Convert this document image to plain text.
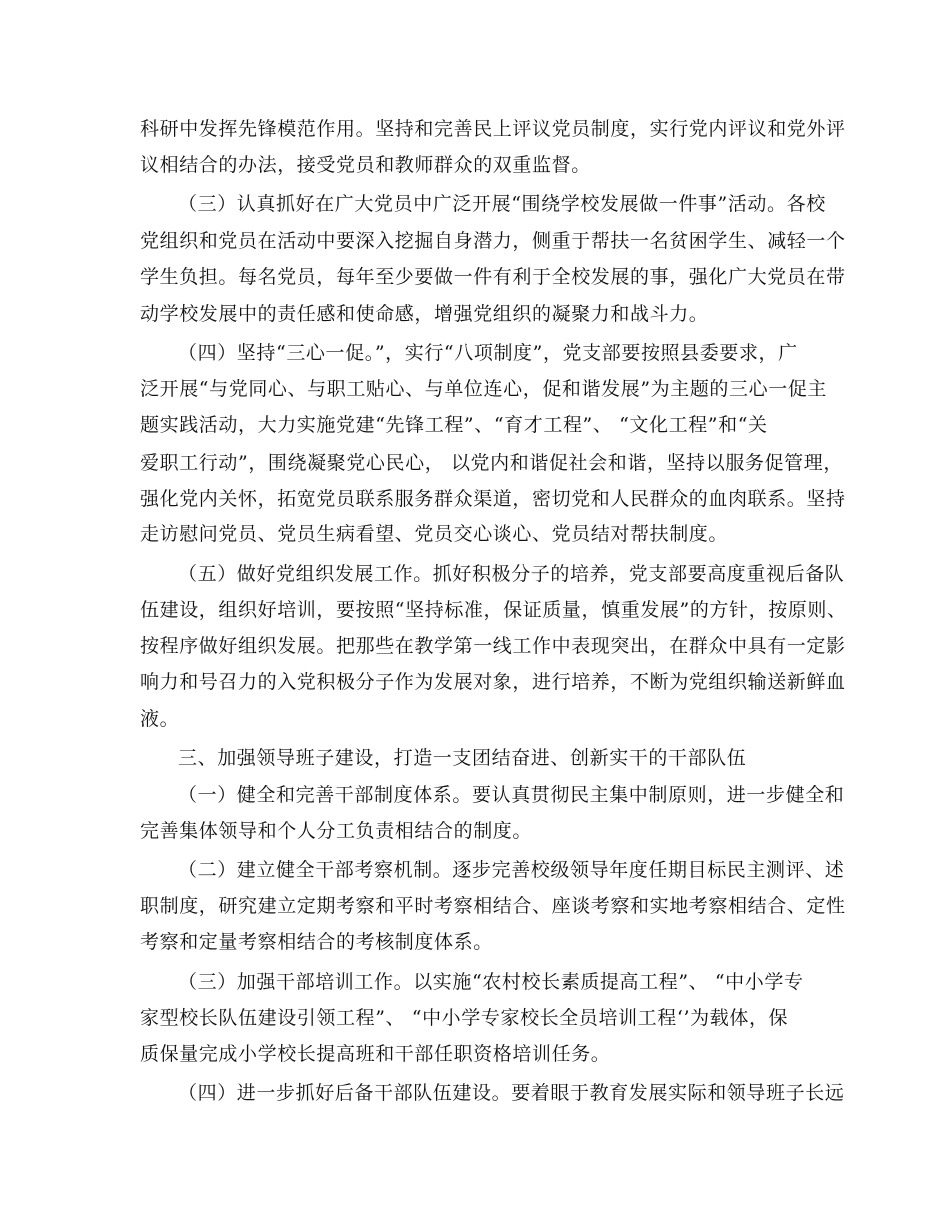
科研中发挥先锋模范作用。坚持和完善民上评议党员制度，实行党内评议和党外评
议相结合的办法，接受党员和教师群众的双重监督。
（三）认真抓好在广大党员中广泛开展“围绕学校发展做一件事”活动。各校
党组织和党员在活动中要深入挖掘自身潜力，侧重于帮扶一名贫困学生、减轻一个
学生负担。每名党员，每年至少要做一件有利于全校发展的事，强化广大党员在带
动学校发展中的责任感和使命感，增强党组织的凝聚力和战斗力。
（四）坚持“三心一促。”，实行“八项制度”，党支部要按照县委要求，广
泛开展“与党同心、与职工贴心、与单位连心，促和谐发展”为主题的三心一促主
题实践活动，大力实施党建“先锋工程”、“育才工程”、 “文化工程”和“关
爱职工行动”，围绕凝聚党心民心， 以党内和谐促社会和谐，坚持以服务促管理，
强化党内关怀，拓宽党员联系服务群众渠道，密切党和人民群众的血肉联系。坚持
走访慰问党员、党员生病看望、党员交心谈心、党员结对帮扶制度。
（五）做好党组织发展工作。抓好积极分子的培养，党支部要高度重视后备队
伍建设，组织好培训，要按照“坚持标准，保证质量，慎重发展”的方针，按原则、
按程序做好组织发展。把那些在教学第一线工作中表现突出，在群众中具有一定影
响力和号召力的入党积极分子作为发展对象，进行培养，不断为党组织输送新鲜血
液。
三、加强领导班子建设，打造一支团结奋进、创新实干的干部队伍
（一）健全和完善干部制度体系。要认真贯彻民主集中制原则，进一步健全和
完善集体领导和个人分工负责相结合的制度。
（二）建立健全干部考察机制。逐步完善校级领导年度任期目标民主测评、述
职制度，研究建立定期考察和平时考察相结合、座谈考察和实地考察相结合、定性
考察和定量考察相结合的考核制度体系。
（三）加强干部培训工作。以实施“农村校长素质提高工程”、 “中小学专
家型校长队伍建设引领工程”、 “中小学专家校长全员培训工程‘’为载体，保
质保量完成小学校长提高班和干部任职资格培训任务。
（四）进一步抓好后备干部队伍建设。要着眼于教育发展实际和领导班子长远
